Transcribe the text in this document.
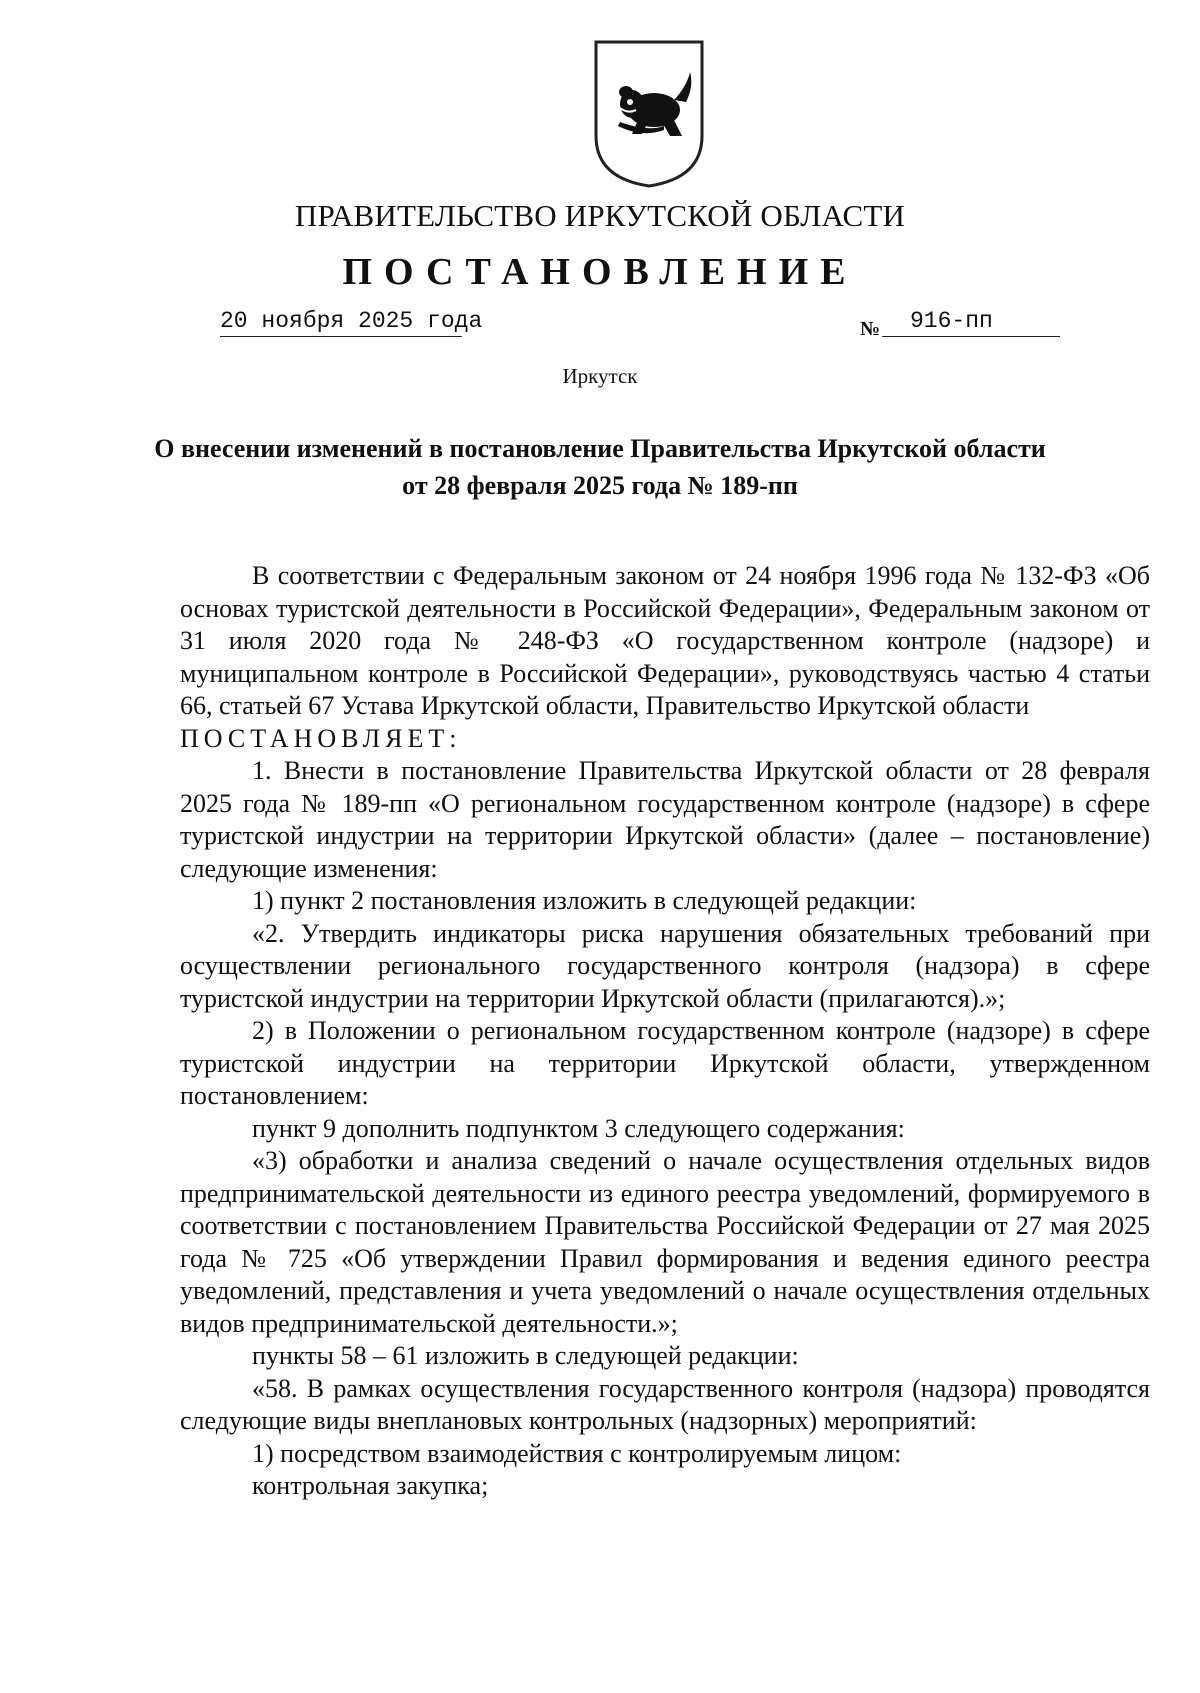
ПРАВИТЕЛЬСТВО ИРКУТСКОЙ ОБЛАСТИ
ПОСТАНОВЛЕНИЕ
20 ноября 2025 года	№	916-пп
Иркутск
О внесении изменений в постановление Правительства Иркутской области
от 28 февраля 2025 года № 189-пп

В соответствии с Федеральным законом от 24 ноября 1996 года № 132-ФЗ «Об основах туристской деятельности в Российской Федерации», Федеральным законом от 31 июля 2020 года № 248-ФЗ «О государственном контроле (надзоре) и муниципальном контроле в Российской Федерации», руководствуясь частью 4 статьи 66, статьей 67 Устава Иркутской области, Правительство Иркутской области

ПОСТАНОВЛЯЕТ:

1. Внести в постановление Правительства Иркутской области от 28 февраля 2025 года № 189-пп «О региональном государственном контроле (надзоре) в сфере туристской индустрии на территории Иркутской области» (далее – постановление) следующие изменения:

1) пункт 2 постановления изложить в следующей редакции:

«2. Утвердить индикаторы риска нарушения обязательных требований при осуществлении регионального государственного контроля (надзора) в сфере туристской индустрии на территории Иркутской области (прилагаются).»;

2) в Положении о региональном государственном контроле (надзоре) в сфере туристской индустрии на территории Иркутской области, утвержденном постановлением:

пункт 9 дополнить подпунктом 3 следующего содержания:

«3) обработки и анализа сведений о начале осуществления отдельных видов предпринимательской деятельности из единого реестра уведомлений, формируемого в соответствии с постановлением Правительства Российской Федерации от 27 мая 2025 года № 725 «Об утверждении Правил формирования и ведения единого реестра уведомлений, представления и учета уведомлений о начале осуществления отдельных видов предпринимательской деятельности.»;

пункты 58 – 61 изложить в следующей редакции:

«58. В рамках осуществления государственного контроля (надзора) проводятся следующие виды внеплановых контрольных (надзорных) мероприятий:

1) посредством взаимодействия с контролируемым лицом:

контрольная закупка;
